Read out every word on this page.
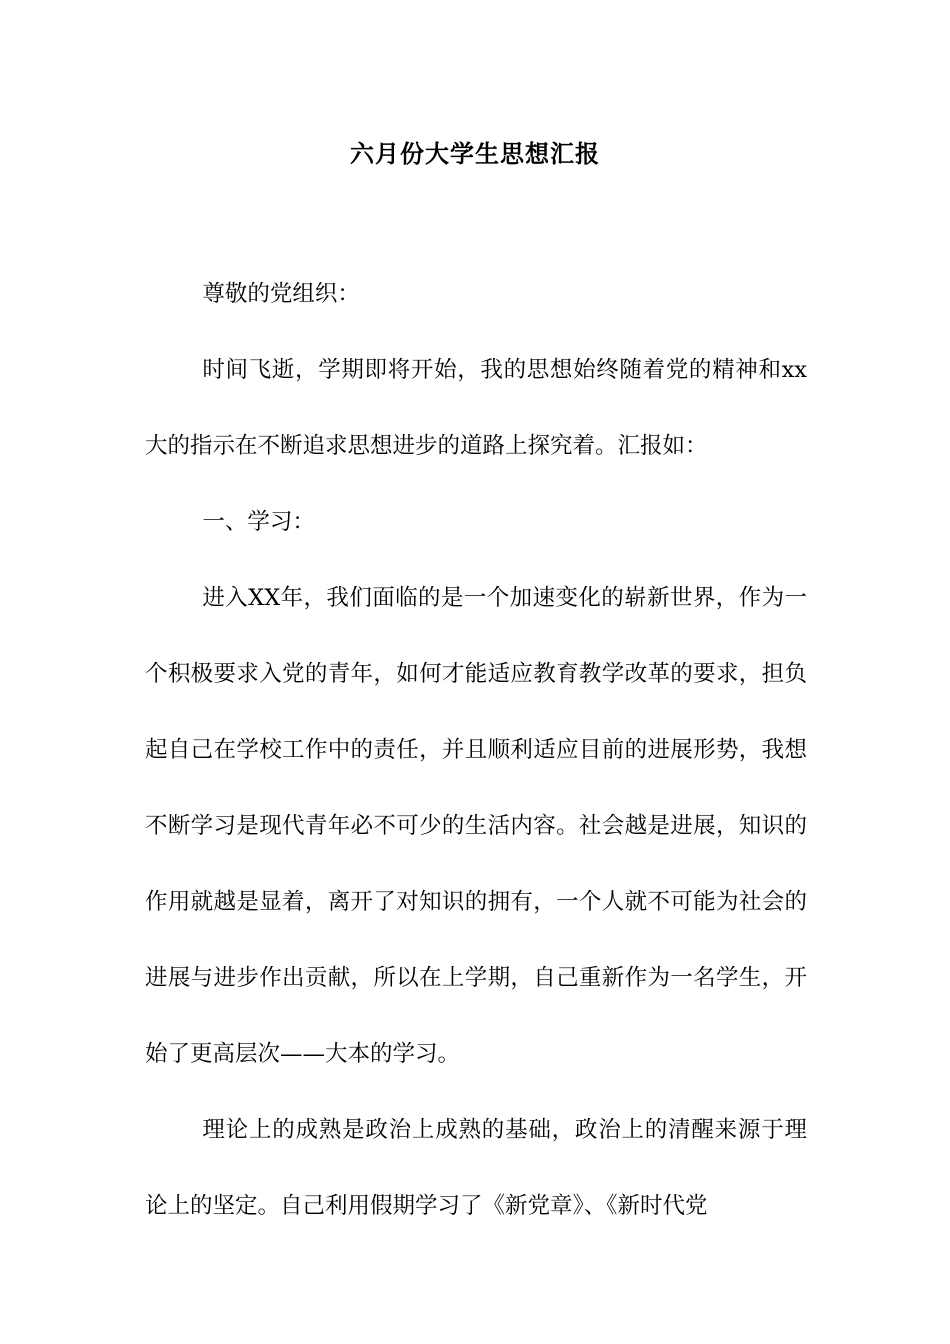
六月份大学生思想汇报

尊敬的党组织：

时间飞逝，学期即将开始，我的思想始终随着党的精神和xx大的指示在不断追求思想进步的道路上探究着。汇报如：

一、学习：

进入XX年，我们面临的是一个加速变化的崭新世界，作为一个积极要求入党的青年，如何才能适应教育教学改革的要求，担负起自己在学校工作中的责任，并且顺利适应目前的进展形势，我想不断学习是现代青年必不可少的生活内容。社会越是进展，知识的作用就越是显着，离开了对知识的拥有，一个人就不可能为社会的进展与进步作出贡献，所以在上学期，自己重新作为一名学生，开始了更高层次——大本的学习。

理论上的成熟是政治上成熟的基础，政治上的清醒来源于理论上的坚定。自己利用假期学习了《新党章》、《新时代党
